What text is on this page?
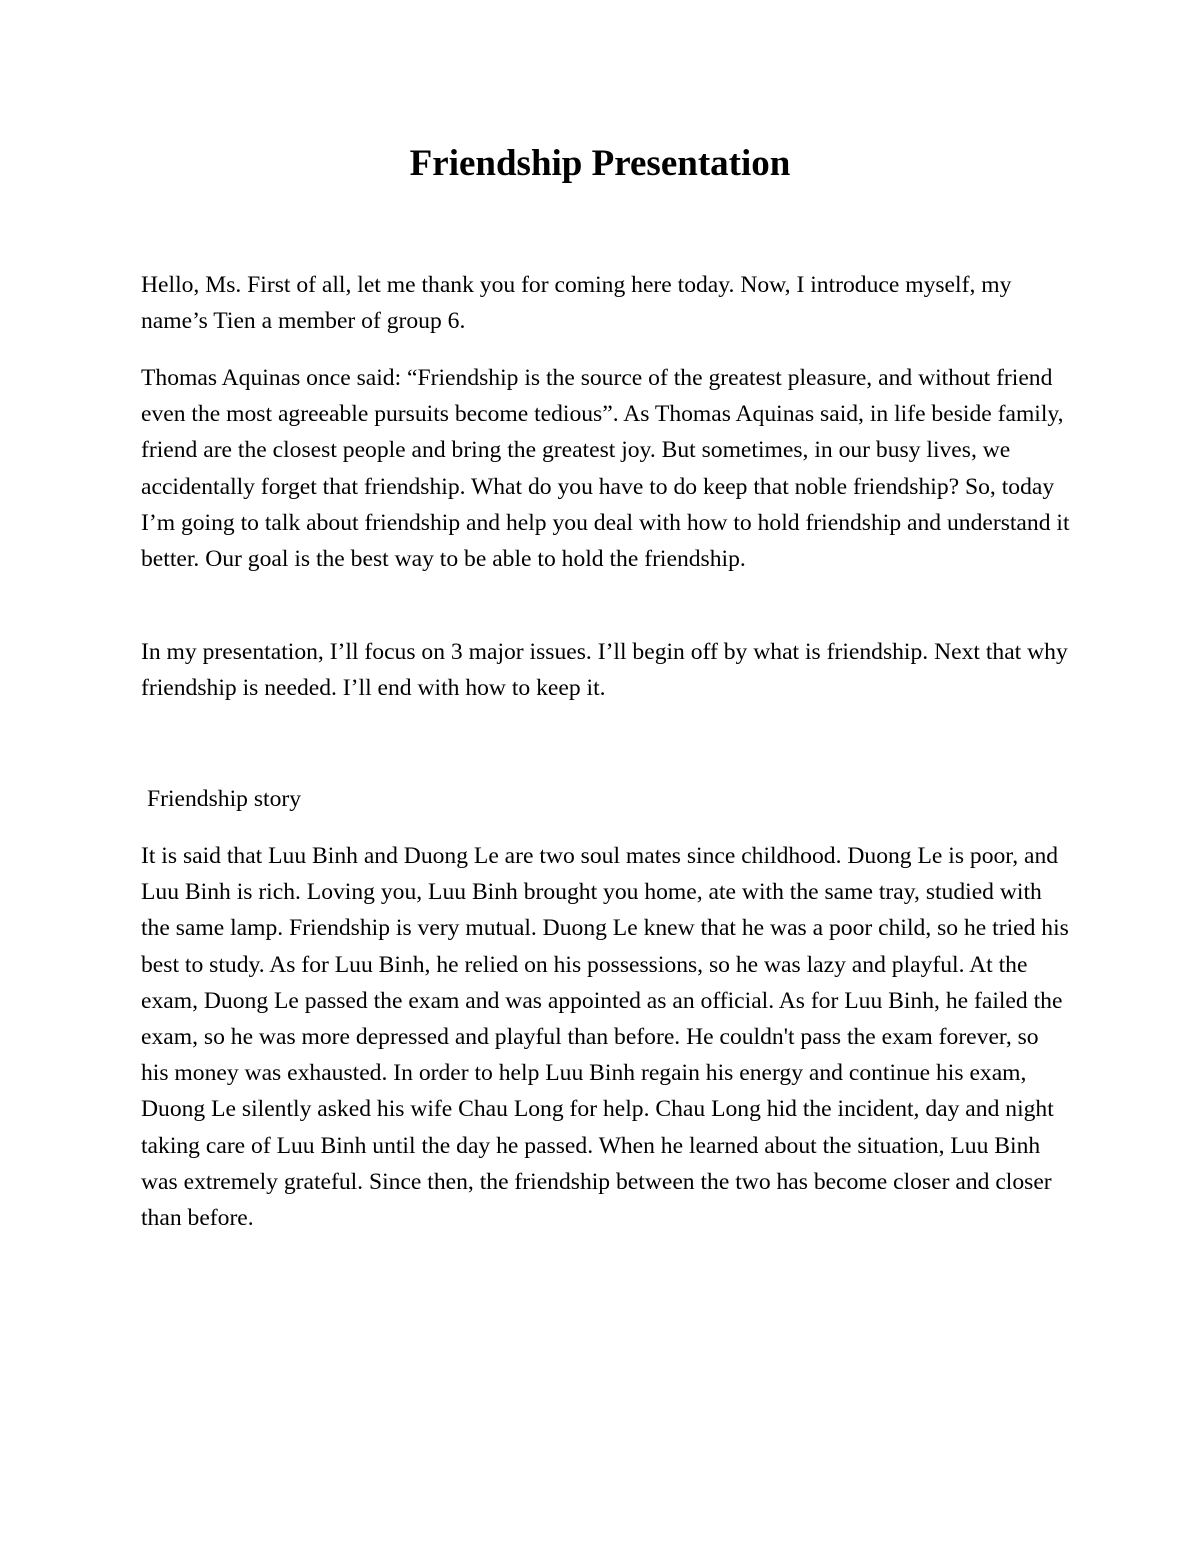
Friendship Presentation

Hello, Ms. First of all, let me thank you for coming here today. Now, I introduce myself, my name’s Tien a member of group 6.

Thomas Aquinas once said: “Friendship is the source of the greatest pleasure, and without friend even the most agreeable pursuits become tedious”. As Thomas Aquinas said, in life beside family, friend are the closest people and bring the greatest joy. But sometimes, in our busy lives, we accidentally forget that friendship. What do you have to do keep that noble friendship? So, today I’m going to talk about friendship and help you deal with how to hold friendship and understand it better. Our goal is the best way to be able to hold the friendship.

In my presentation, I’ll focus on 3 major issues. I’ll begin off by what is friendship. Next that why friendship is needed. I’ll end with how to keep it.

Friendship story

It is said that Luu Binh and Duong Le are two soul mates since childhood. Duong Le is poor, and Luu Binh is rich. Loving you, Luu Binh brought you home, ate with the same tray, studied with the same lamp. Friendship is very mutual. Duong Le knew that he was a poor child, so he tried his best to study. As for Luu Binh, he relied on his possessions, so he was lazy and playful. At the exam, Duong Le passed the exam and was appointed as an official. As for Luu Binh, he failed the exam, so he was more depressed and playful than before. He couldn't pass the exam forever, so his money was exhausted. In order to help Luu Binh regain his energy and continue his exam, Duong Le silently asked his wife Chau Long for help. Chau Long hid the incident, day and night taking care of Luu Binh until the day he passed. When he learned about the situation, Luu Binh was extremely grateful. Since then, the friendship between the two has become closer and closer than before.
